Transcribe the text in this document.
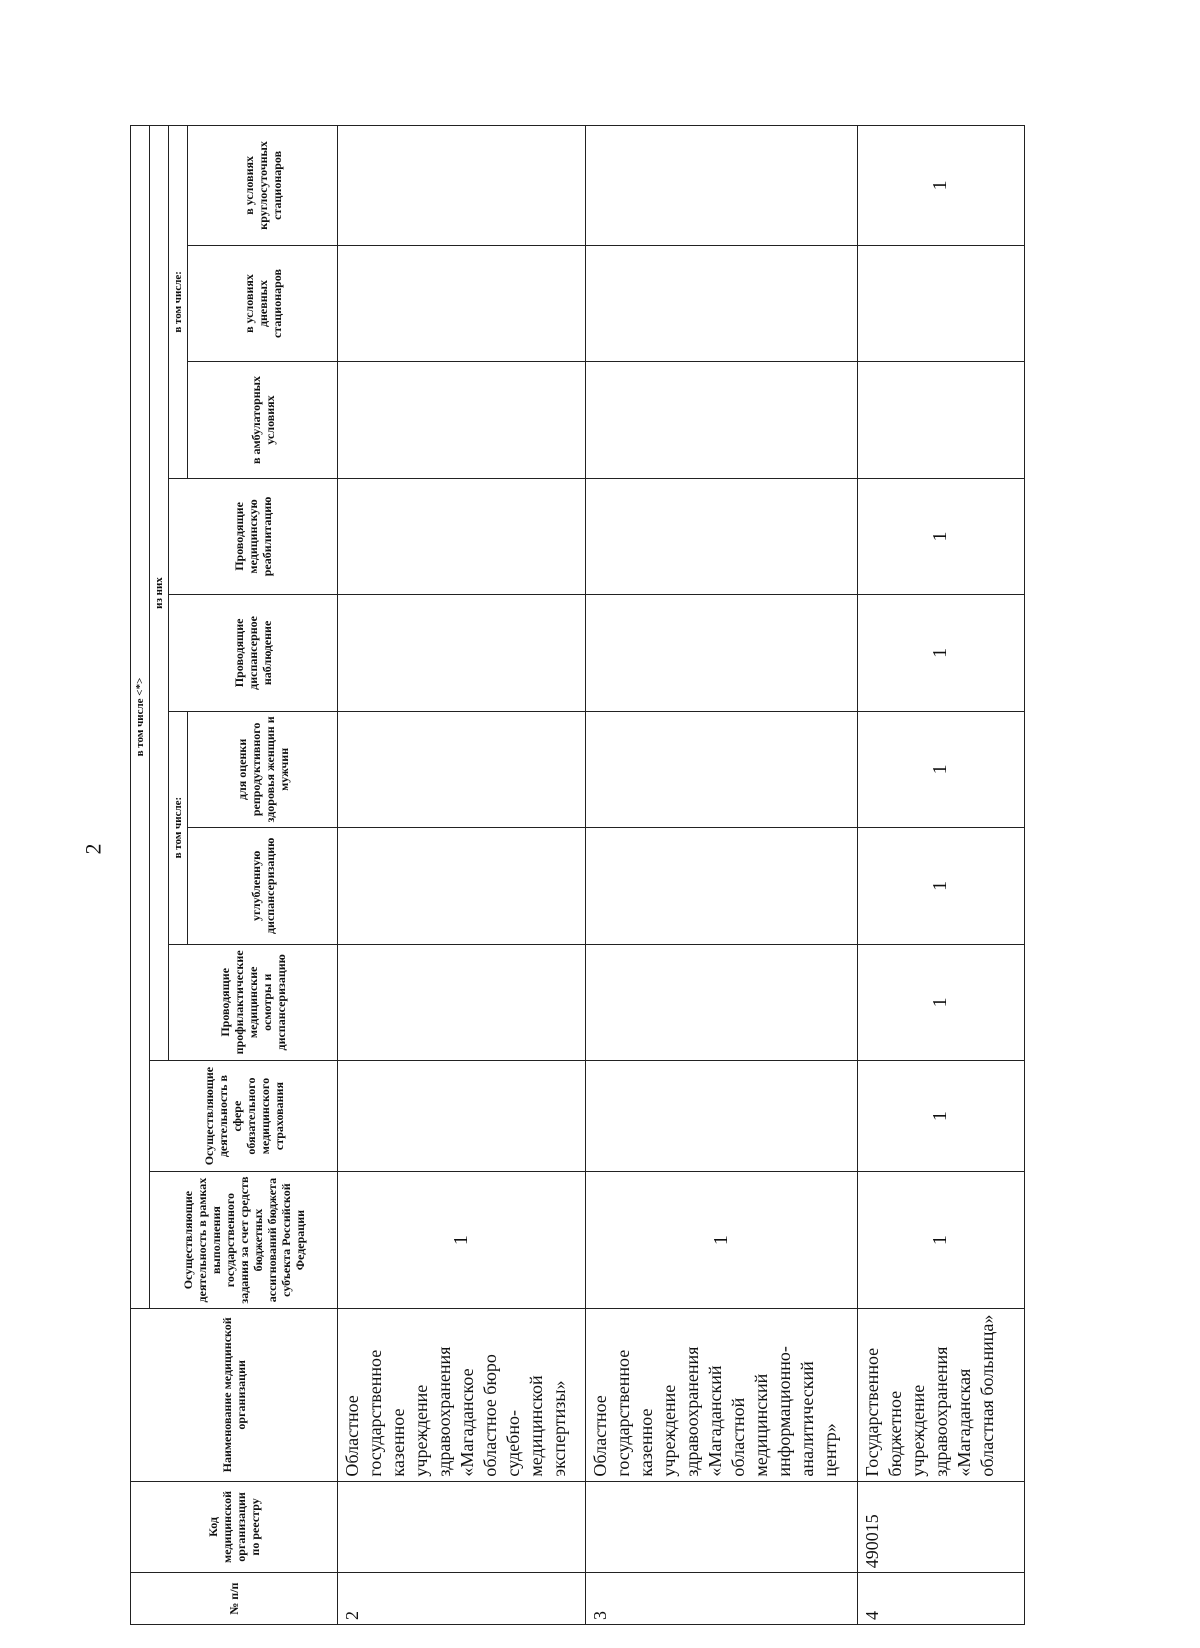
2
№ п/п	Код медицинской организации по реестру	Наименование медицинской организации	в том числе <*>									
			Осуществляющие деятельность в рамках выполнения государственного задания за счет средств бюджетных ассигнований бюджета субъекта Российской Федерации	Осуществляющие деятельность в сфере обязательного медицинского страхования	из них							
					Проводящие профилактические медицинские осмотры и диспансеризацию	в том числе:		Проводящие диспансерное наблюдение	Проводящие медицинскую реабилитацию	в том числе:		
						углубленную диспансеризацию	для оценки репродуктивного здоровья женщин и мужчин			в амбулаторных условиях	в условиях дневных стационаров	в условиях круглосуточных стационаров
2		Областное государственное казенное учреждение здравоохранения «Магаданское областное бюро судебно-медицинской экспертизы»	1									
3		Областное государственное казенное учреждение здравоохранения «Магаданский областной медицинский информационно-аналитический центр»	1									
4	490015	Государственное бюджетное учреждение здравоохранения «Магаданская областная больница»	1	1	1	1	1	1	1			1
